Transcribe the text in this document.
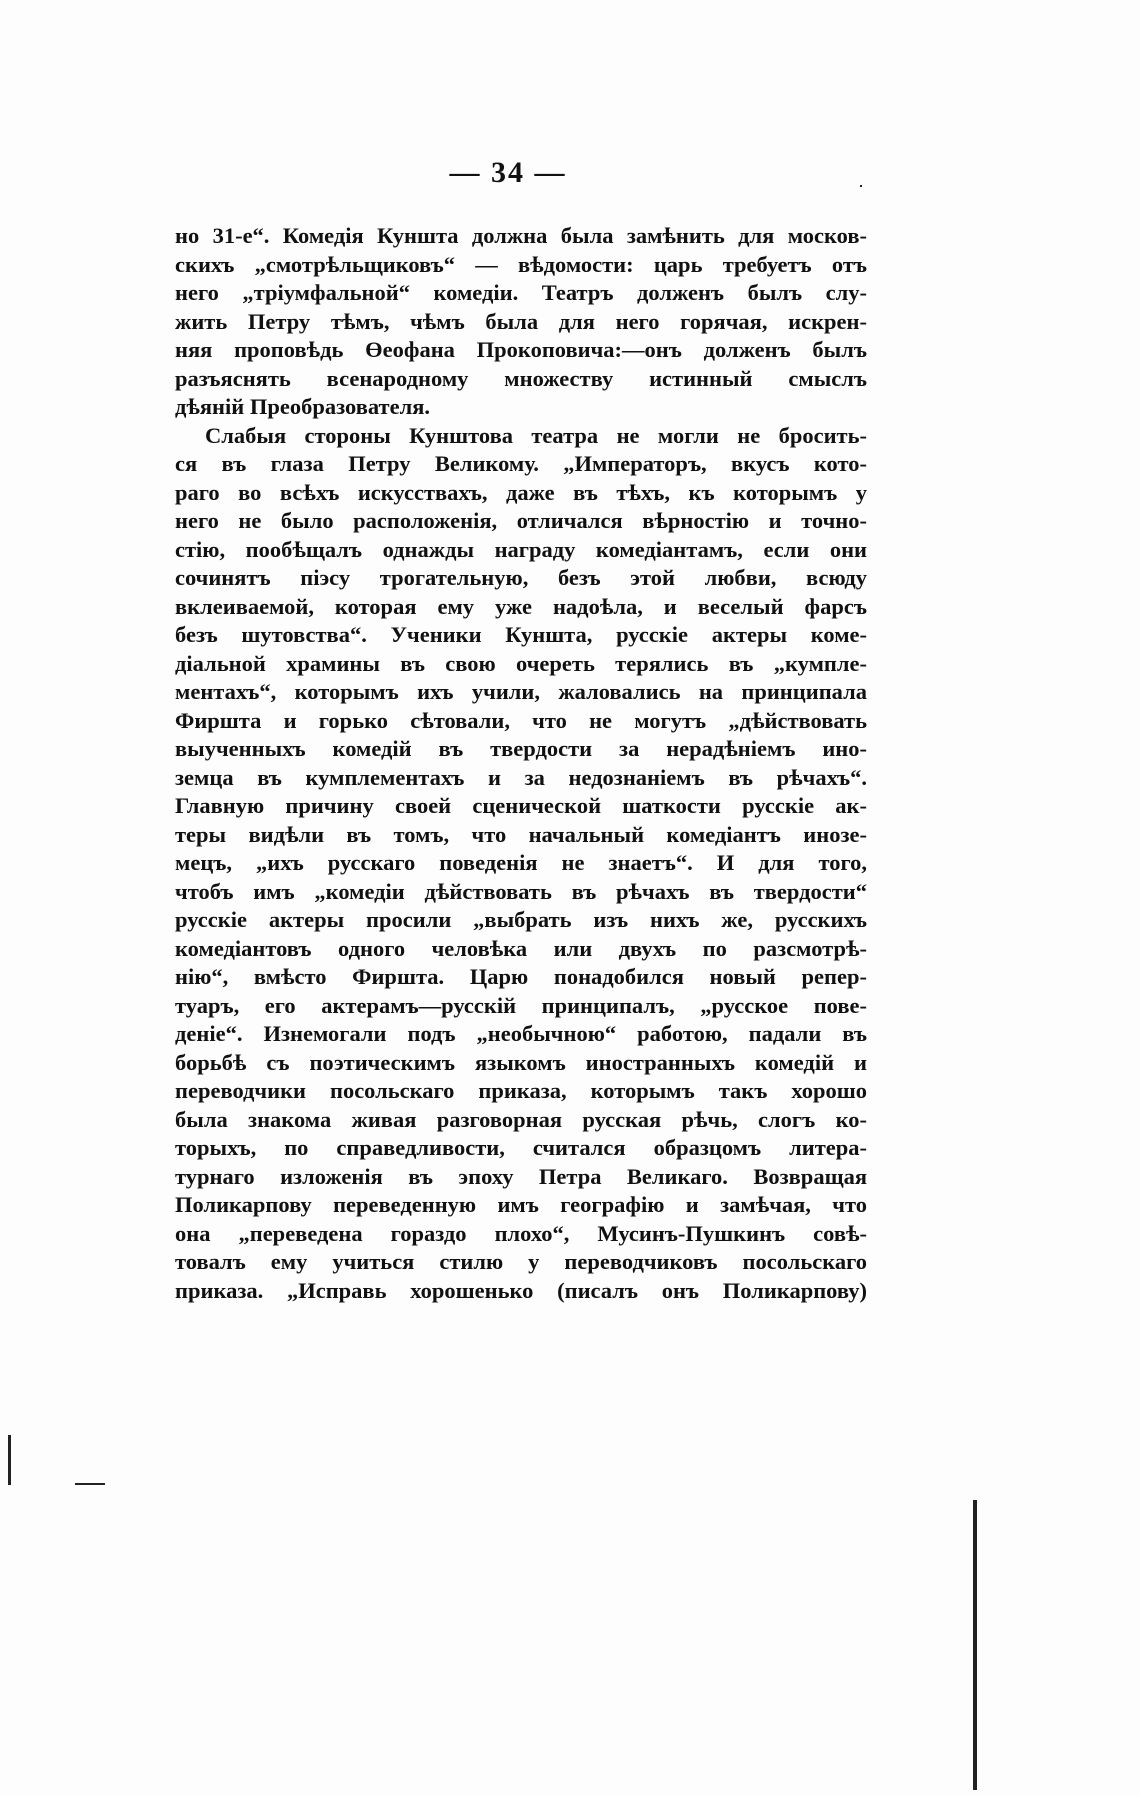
— 34 —
но 31-е“. Комедія Куншта должна была замѣнить для москов-
скихъ „смотрѣльщиковъ“ — вѣдомости: царь требуетъ отъ
него „тріумфальной“ комедіи. Театръ долженъ былъ слу-
жить Петру тѣмъ, чѣмъ была для него горячая, искрен-
няя проповѣдь Өеофана Прокоповича:—онъ долженъ былъ
разъяснять всенародному множеству истинный смыслъ
дѣяній Преобразователя.
Слабыя стороны Кунштова театра не могли не бросить-
ся въ глаза Петру Великому. „Императоръ, вкусъ кото-
раго во всѣхъ искусствахъ, даже въ тѣхъ, къ которымъ у
него не было расположенія, отличался вѣрностію и точно-
стію, пообѣщалъ однажды награду комедіантамъ, если они
сочинятъ піэсу трогательную, безъ этой любви, всюду
вклеиваемой, которая ему уже надоѣла, и веселый фарсъ
безъ шутовства“. Ученики Куншта, русскіе актеры коме-
діальной храмины въ свою очереть терялись въ „кумпле-
ментахъ“, которымъ ихъ учили, жаловались на принципала
Фиршта и горько сѣтовали, что не могутъ „дѣйствовать
выученныхъ комедій въ твердости за нерадѣніемъ ино-
земца въ кумплементахъ и за недознаніемъ въ рѣчахъ“.
Главную причину своей сценической шаткости русскіе ак-
теры видѣли въ томъ, что начальный комедіантъ инозе-
мецъ, „ихъ русскаго поведенія не знаетъ“. И для того,
чтобъ имъ „комедіи дѣйствовать въ рѣчахъ въ твердости“
русскіе актеры просили „выбрать изъ нихъ же, русскихъ
комедіантовъ одного человѣка или двухъ по разсмотрѣ-
нію“, вмѣсто Фиршта. Царю понадобился новый репер-
туаръ, его актерамъ—русскій принципалъ, „русское пове-
деніе“. Изнемогали подъ „необычною“ работою, падали въ
борьбѣ съ поэтическимъ языкомъ иностранныхъ комедій и
переводчики посольскаго приказа, которымъ такъ хорошо
была знакома живая разговорная русская рѣчь, слогъ ко-
торыхъ, по справедливости, считался образцомъ литера-
турнаго изложенія въ эпоху Петра Великаго. Возвращая
Поликарпову переведенную имъ географію и замѣчая, что
она „переведена гораздо плохо“, Мусинъ-Пушкинъ совѣ-
товалъ ему учиться стилю у переводчиковъ посольскаго
приказа. „Исправь хорошенько (писалъ онъ Поликарпову)
